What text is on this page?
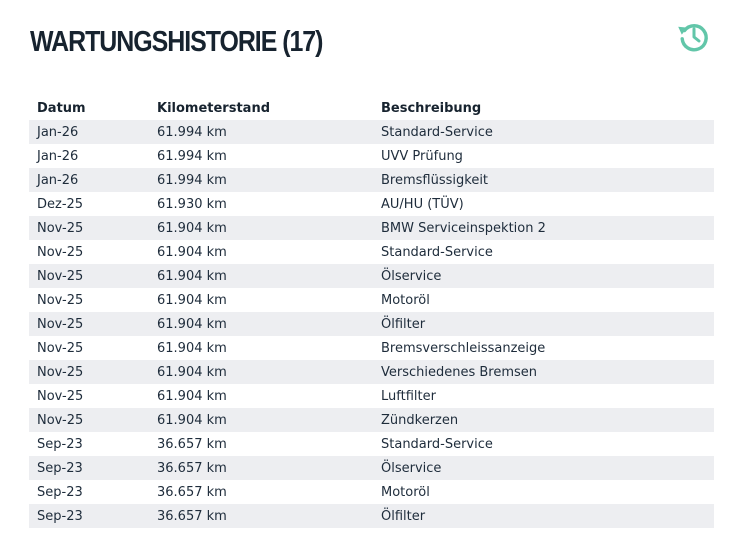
WARTUNGSHISTORIE (17)
Datum	Kilometerstand	Beschreibung
Jan-26	61.994 km	Standard-Service
Jan-26	61.994 km	UVV Prüfung
Jan-26	61.994 km	Bremsflüssigkeit
Dez-25	61.930 km	AU/HU (TÜV)
Nov-25	61.904 km	BMW Serviceinspektion 2
Nov-25	61.904 km	Standard-Service
Nov-25	61.904 km	Ölservice
Nov-25	61.904 km	Motoröl
Nov-25	61.904 km	Ölfilter
Nov-25	61.904 km	Bremsverschleissanzeige
Nov-25	61.904 km	Verschiedenes Bremsen
Nov-25	61.904 km	Luftfilter
Nov-25	61.904 km	Zündkerzen
Sep-23	36.657 km	Standard-Service
Sep-23	36.657 km	Ölservice
Sep-23	36.657 km	Motoröl
Sep-23	36.657 km	Ölfilter
